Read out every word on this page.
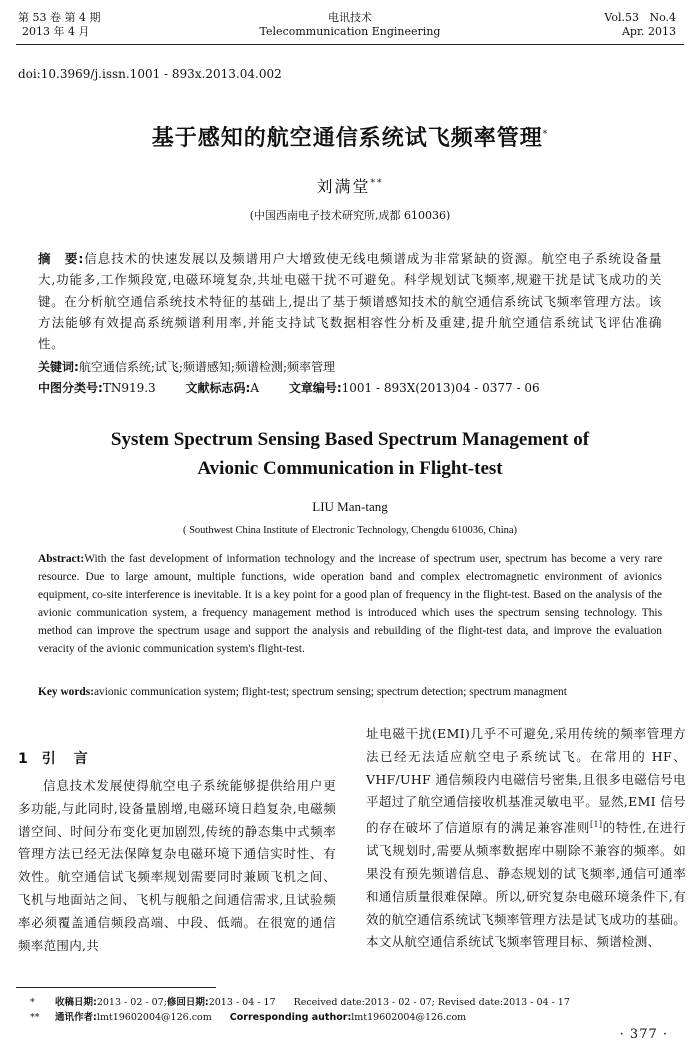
第 53 卷 第 4 期
2013 年 4 月
电讯技术
Telecommunication Engineering
Vol.53   No.4
Apr. 2013
doi:10.3969/j.issn.1001 - 893x.2013.04.002
基于感知的航空通信系统试飞频率管理*
刘满堂**
(中国西南电子技术研究所,成都 610036)
摘　要:信息技术的快速发展以及频谱用户大增致使无线电频谱成为非常紧缺的资源。航空电子系统设备量大,功能多,工作频段宽,电磁环境复杂,共址电磁干扰不可避免。科学规划试飞频率,规避干扰是试飞成功的关键。在分析航空通信系统技术特征的基础上,提出了基于频谱感知技术的航空通信系统试飞频率管理方法。该方法能够有效提高系统频谱利用率,并能支持试飞数据相容性分析及重建,提升航空通信系统试飞评估准确性。
关键词:航空通信系统;试飞;频谱感知;频谱检测;频率管理
中图分类号:TN919.3 文献标志码:A 文章编号:1001 - 893X(2013)04 - 0377 - 06
System Spectrum Sensing Based Spectrum Management of
Avionic Communication in Flight-test
LIU Man-tang
( Southwest China Institute of Electronic Technology, Chengdu 610036, China)
Abstract:With the fast development of information technology and the increase of spectrum user, spectrum has become a very rare resource. Due to large amount, multiple functions, wide operation band and complex electromagnetic environment of avionics equipment, co-site interference is inevitable. It is a key point for a good plan of frequency in the flight-test. Based on the analysis of the avionic communication system, a frequency management method is introduced which uses the spectrum sensing technology. This method can improve the spectrum usage and support the analysis and rebuilding of the flight-test data, and improve the evaluation veracity of the avionic communication system's flight-test.
Key words:avionic communication system; flight-test; spectrum sensing; spectrum detection; spectrum managment
1 引　言
信息技术发展使得航空电子系统能够提供给用户更多功能,与此同时,设备量剧增,电磁环境日趋复杂,电磁频谱空间、时间分布变化更加剧烈,传统的静态集中式频率管理方法已经无法保障复杂电磁环境下通信实时性、有效性。航空通信试飞频率规划需要同时兼顾飞机之间、飞机与地面站之间、飞机与舰船之间通信需求,且试验频率必须覆盖通信频段高端、中段、低端。在很宽的通信频率范围内,共
址电磁干扰(EMI)几乎不可避免,采用传统的频率管理方法已经无法适应航空电子系统试飞。在常用的 HF、VHF/UHF 通信频段内电磁信号密集,且很多电磁信号电平超过了航空通信接收机基准灵敏电平。显然,EMI 信号的存在破坏了信道原有的满足兼容准则[1]的特性,在进行试飞规划时,需要从频率数据库中剔除不兼容的频率。如果没有预先频谱信息、静态规划的试飞频率,通信可通率和通信质量很难保障。所以,研究复杂电磁环境条件下,有效的航空通信系统试飞频率管理方法是试飞成功的基础。本文从航空通信系统试飞频率管理目标、频谱检测、
* 收稿日期:2013 - 02 - 07;修回日期:2013 - 04 - 17 Received date:2013 - 02 - 07; Revised date:2013 - 04 - 17
** 通讯作者:lmt19602004@126.com Corresponding author:lmt19602004@126.com
· 377 ·
